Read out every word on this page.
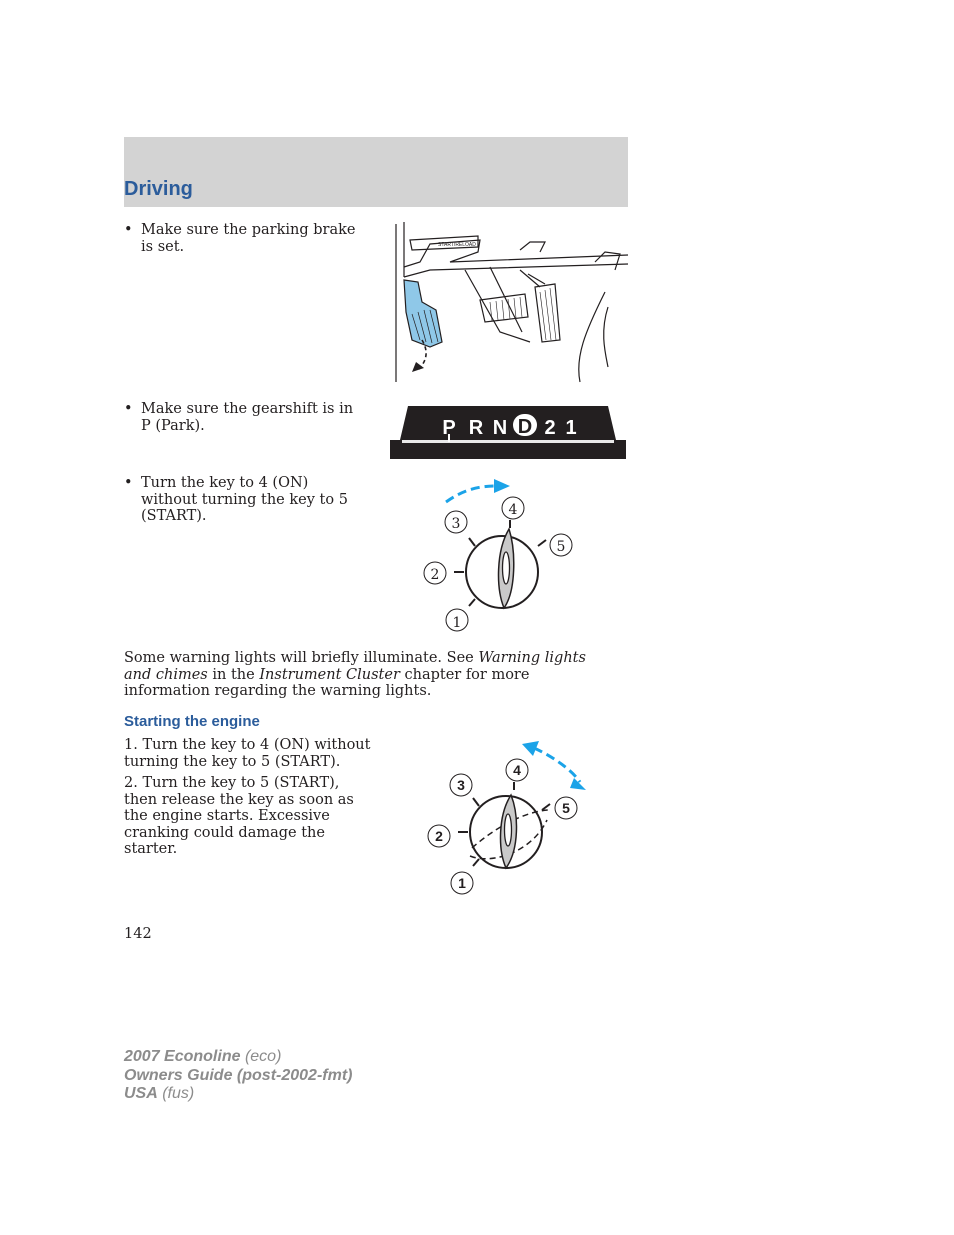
Driving
• Make sure the parking brake is set.	START/RELOAD
• Make sure the gearshift is in P (Park).	P R N D 2 1
• Turn the key to 4 (ON) without turning the key to 5 (START).
1
2
3
4
5
Some warning lights will briefly illuminate. See Warning lights and chimes in the Instrument Cluster chapter for more information regarding the warning lights.
Starting the engine
1. Turn the key to 4 (ON) without turning the key to 5 (START).
2. Turn the key to 5 (START), then release the key as soon as the engine starts. Excessive cranking could damage the starter.
1
2
3
4
5
142
2007 Econoline (eco)
Owners Guide (post-2002-fmt)
USA (fus)
